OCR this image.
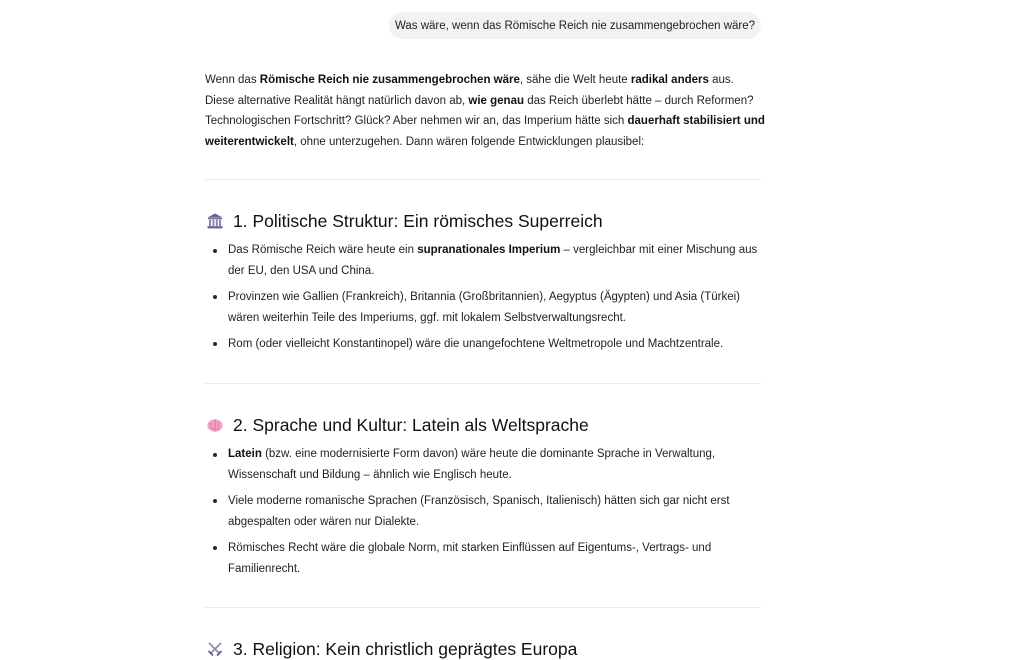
Was wäre, wenn das Römische Reich nie zusammengebrochen wäre?

Wenn das Römische Reich nie zusammengebrochen wäre, sähe die Welt heute radikal anders aus. Diese alternative Realität hängt natürlich davon ab, wie genau das Reich überlebt hätte – durch Reformen? Technologischen Fortschritt? Glück? Aber nehmen wir an, das Imperium hätte sich dauerhaft stabilisiert und weiterentwickelt, ohne unterzugehen. Dann wären folgende Entwicklungen plausibel:

1. Politische Struktur: Ein römisches Superreich
Das Römische Reich wäre heute ein supranationales Imperium – vergleichbar mit einer Mischung aus der EU, den USA und China.
Provinzen wie Gallien (Frankreich), Britannia (Großbritannien), Aegyptus (Ägypten) und Asia (Türkei) wären weiterhin Teile des Imperiums, ggf. mit lokalem Selbstverwaltungsrecht.
Rom (oder vielleicht Konstantinopel) wäre die unangefochtene Weltmetropole und Machtzentrale.
2. Sprache und Kultur: Latein als Weltsprache
Latein (bzw. eine modernisierte Form davon) wäre heute die dominante Sprache in Verwaltung, Wissenschaft und Bildung – ähnlich wie Englisch heute.
Viele moderne romanische Sprachen (Französisch, Spanisch, Italienisch) hätten sich gar nicht erst abgespalten oder wären nur Dialekte.
Römisches Recht wäre die globale Norm, mit starken Einflüssen auf Eigentums-, Vertrags- und Familienrecht.
3. Religion: Kein christlich geprägtes Europa
